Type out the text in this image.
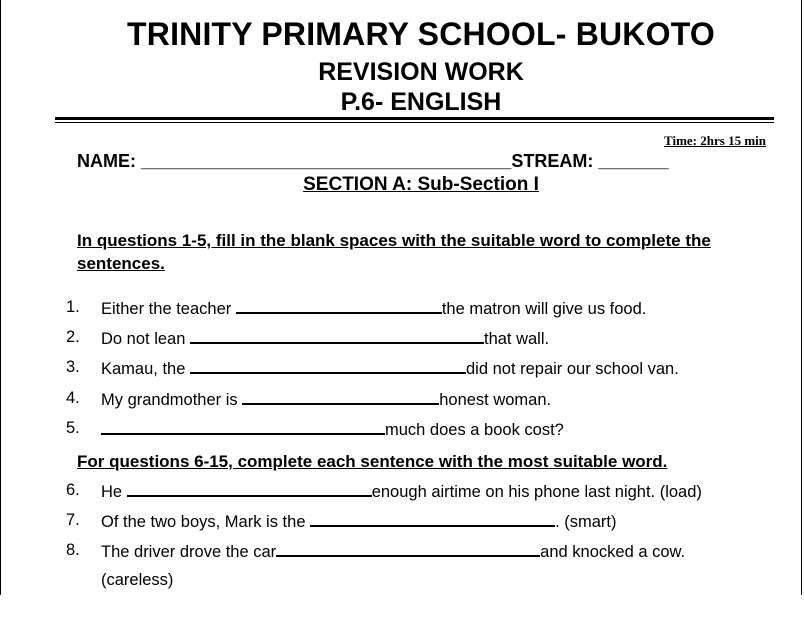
TRINITY PRIMARY SCHOOL- BUKOTO
REVISION WORK
P.6- ENGLISH
Time: 2hrs 15 min
NAME: _____________________________________STREAM: _______
SECTION A: Sub-Section I
In questions 1-5, fill in the blank spaces with the suitable word to complete the sentences.
1. Either the teacher	the matron will give us food.
2. Do not lean	that wall.
3. Kamau, the	did not repair our school van.
4. My grandmother is	honest woman.
5.	much does a book cost?
For questions 6-15, complete each sentence with the most suitable word.
6. He	enough airtime on his phone last night. (load)
7. Of the two boys, Mark is the	. (smart)
8. The driver drove the car	and knocked a cow.
(careless)
